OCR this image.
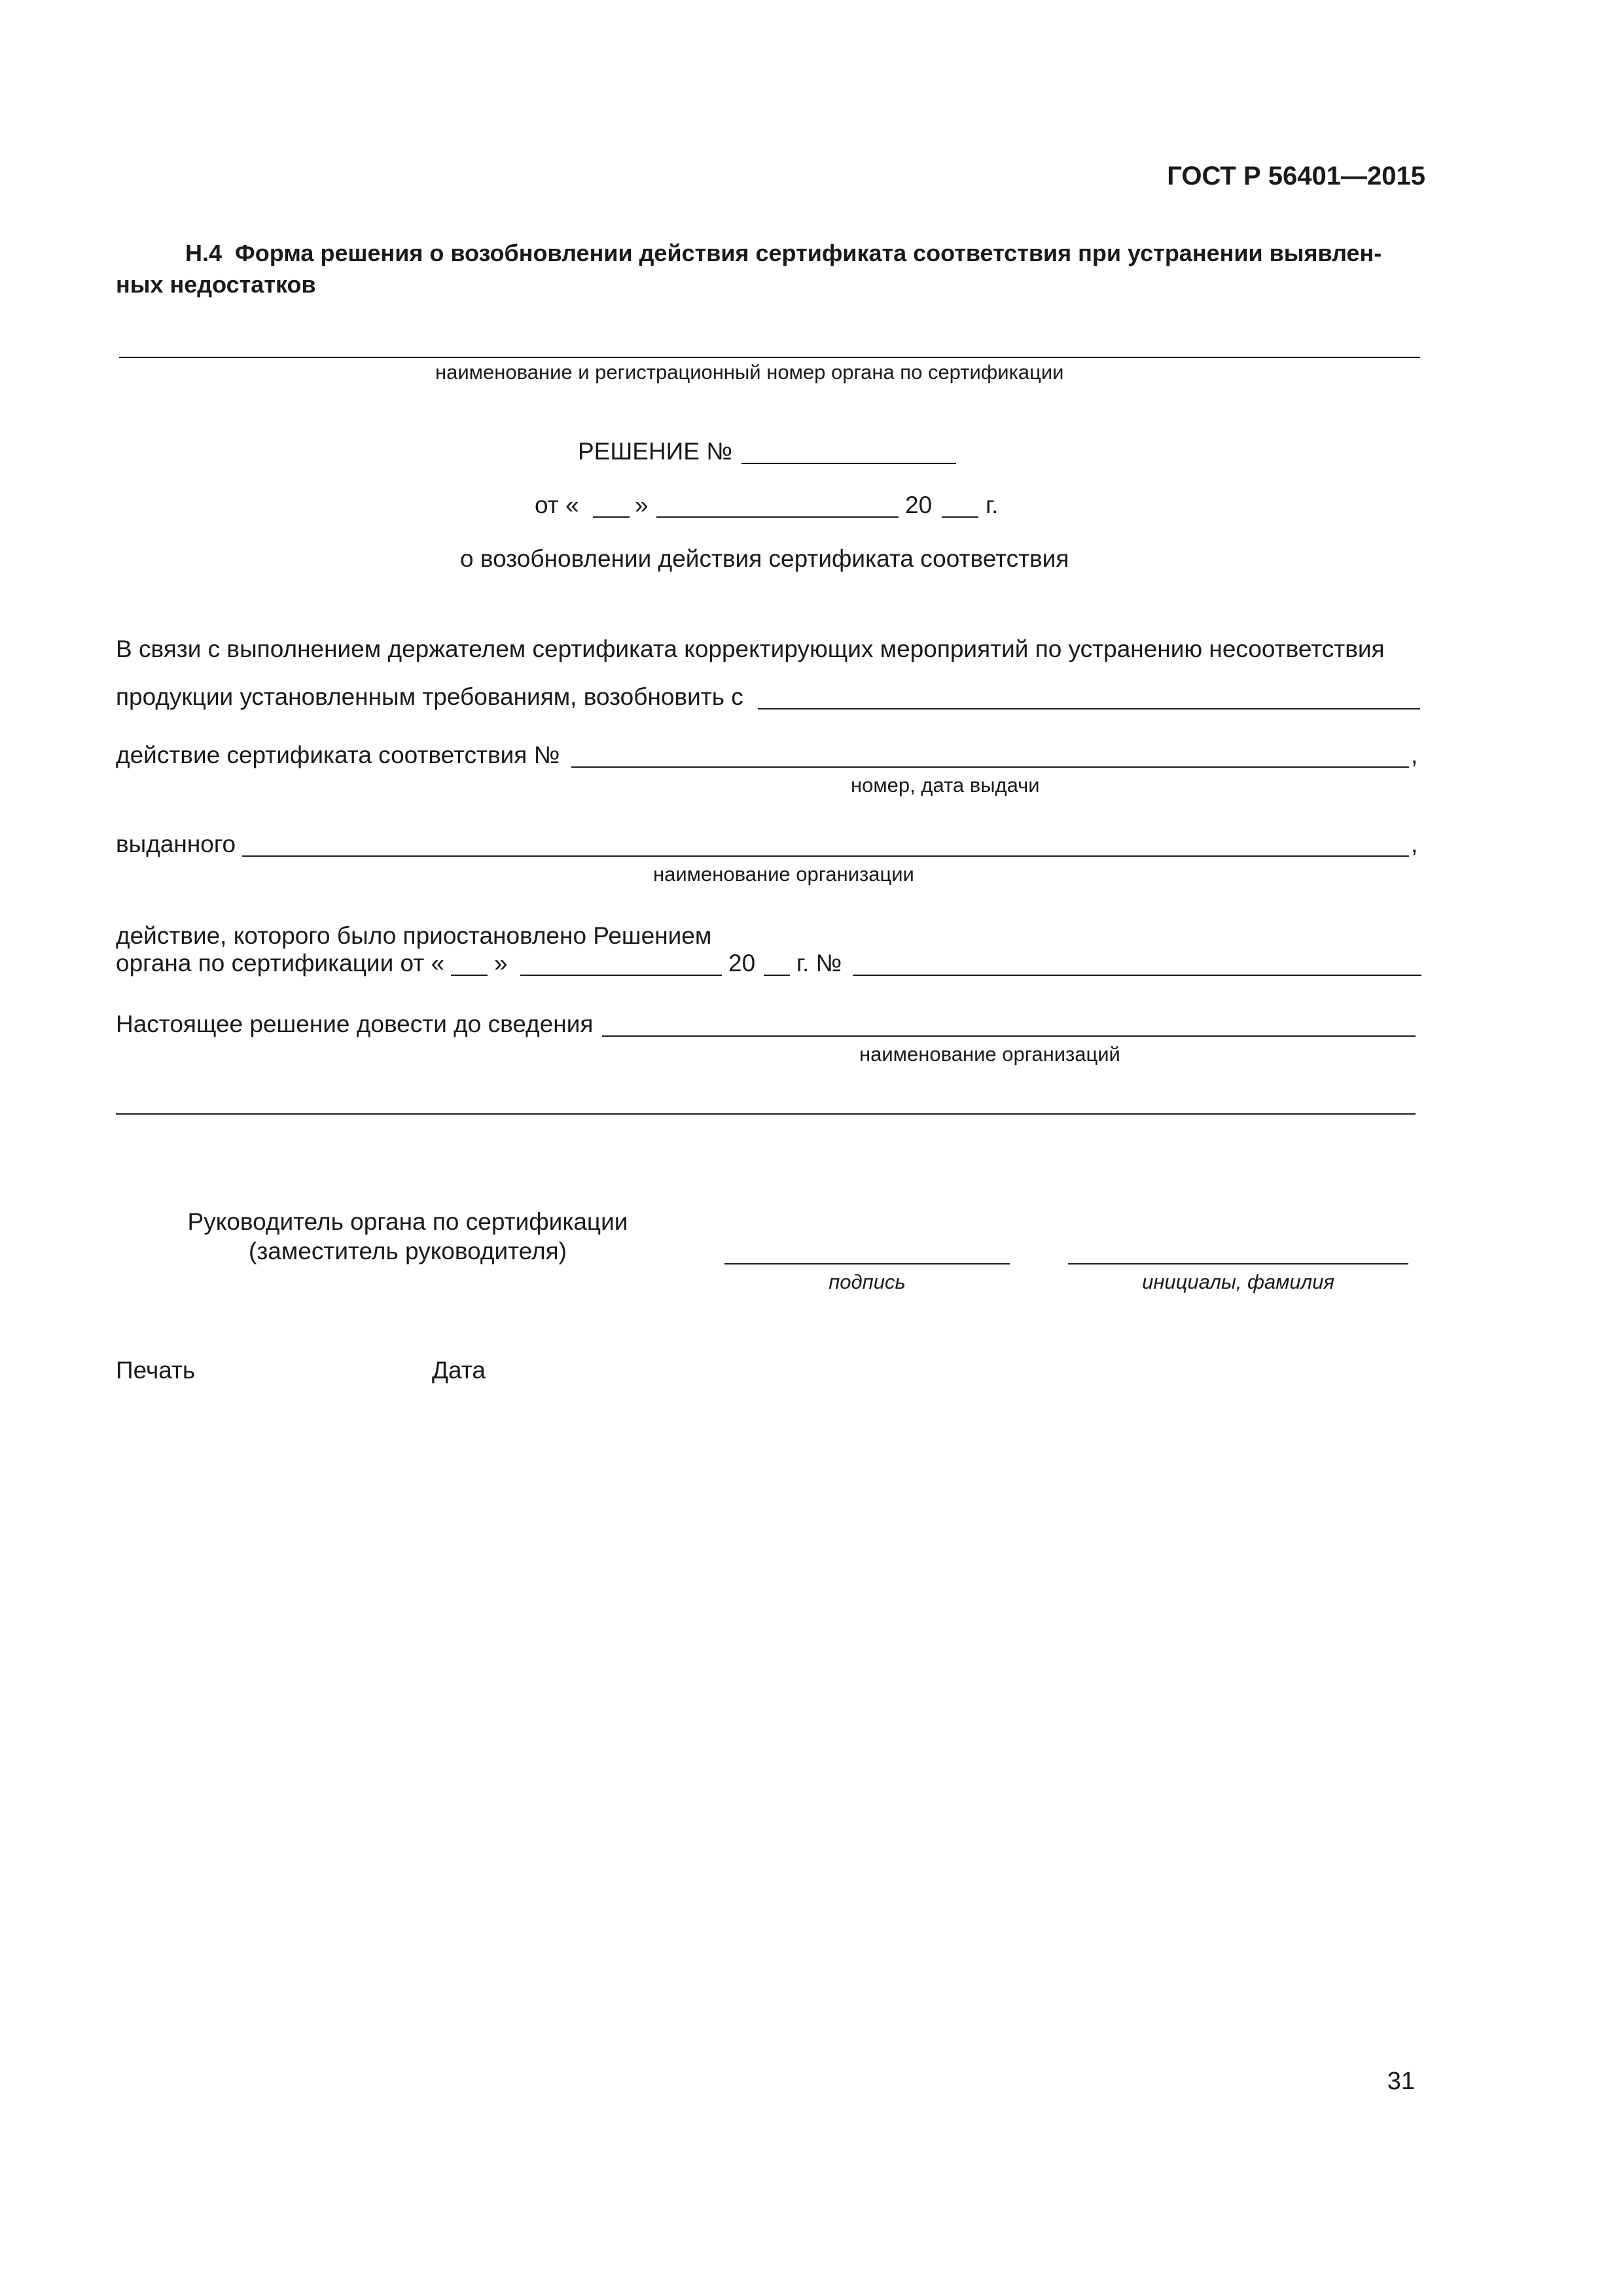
ГОСТ Р 56401—2015
Н.4 Форма решения о возобновлении действия сертификата соответствия при устранении выявлен-
ных недостатков
наименование и регистрационный номер органа по сертификации
РЕШЕНИЕ №
от « »	20 г.
о возобновлении действия сертификата соответствия
В связи с выполнением держателем сертификата корректирующих мероприятий по устранению несоответствия
продукции установленным требованиям, возобновить с
действие сертификата соответствия №	,
номер, дата выдачи
выданного	,
наименование организации
действие, которого было приостановлено Решением
органа по сертификации от « »	20 г. №
Настоящее решение довести до сведения
наименование организаций
Руководитель органа по сертификации
(заместитель руководителя)
подпись	инициалы, фамилия
Печать	Дата
31
